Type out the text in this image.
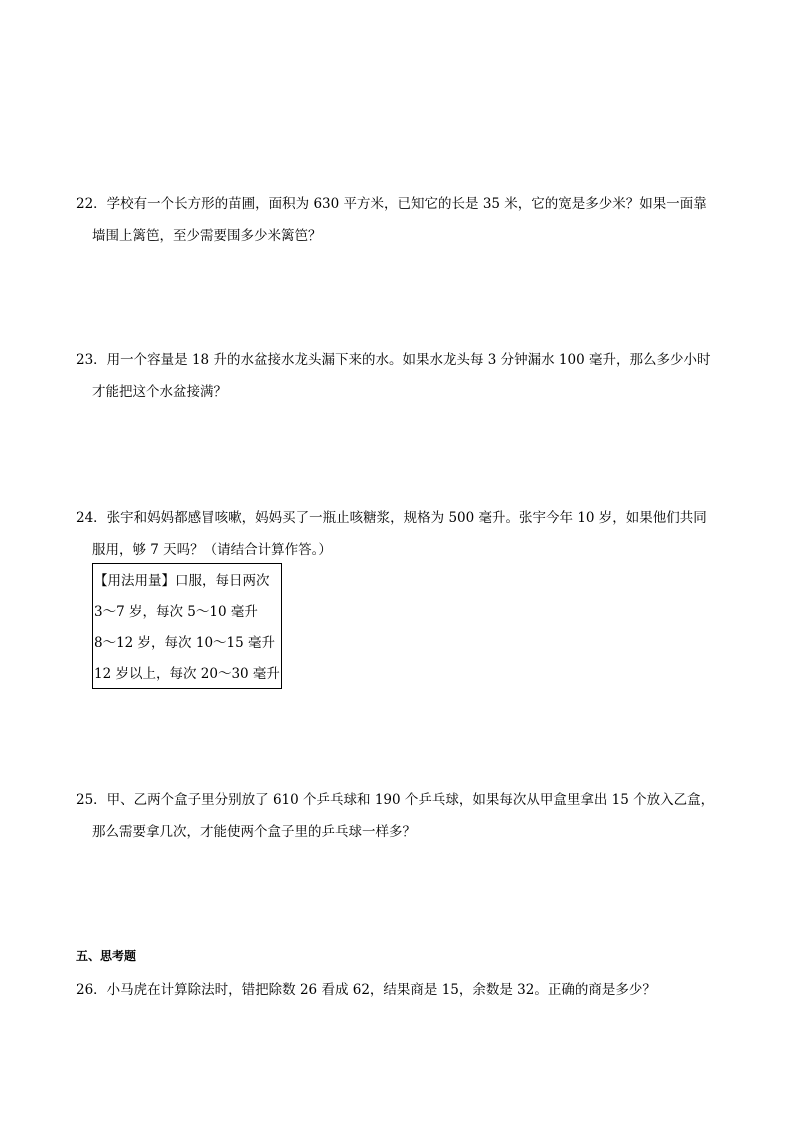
22．学校有一个长方形的苗圃，面积为 630 平方米，已知它的长是 35 米，它的宽是多少米？如果一面靠
墙围上篱笆，至少需要围多少米篱笆？
23．用一个容量是 18 升的水盆接水龙头漏下来的水。如果水龙头每 3 分钟漏水 100 毫升，那么多少小时
才能把这个水盆接满？
24．张宇和妈妈都感冒咳嗽，妈妈买了一瓶止咳糖浆，规格为 500 毫升。张宇今年 10 岁，如果他们共同
服用，够 7 天吗？（请结合计算作答。）
【用法用量】口服，每日两次
3～7 岁，每次 5～10 毫升
8～12 岁，每次 10～15 毫升
12 岁以上，每次 20～30 毫升
25．甲、乙两个盒子里分别放了 610 个乒乓球和 190 个乒乓球，如果每次从甲盒里拿出 15 个放入乙盒，
那么需要拿几次，才能使两个盒子里的乒乓球一样多？
五、思考题
26．小马虎在计算除法时，错把除数 26 看成 62，结果商是 15，余数是 32。正确的商是多少？
